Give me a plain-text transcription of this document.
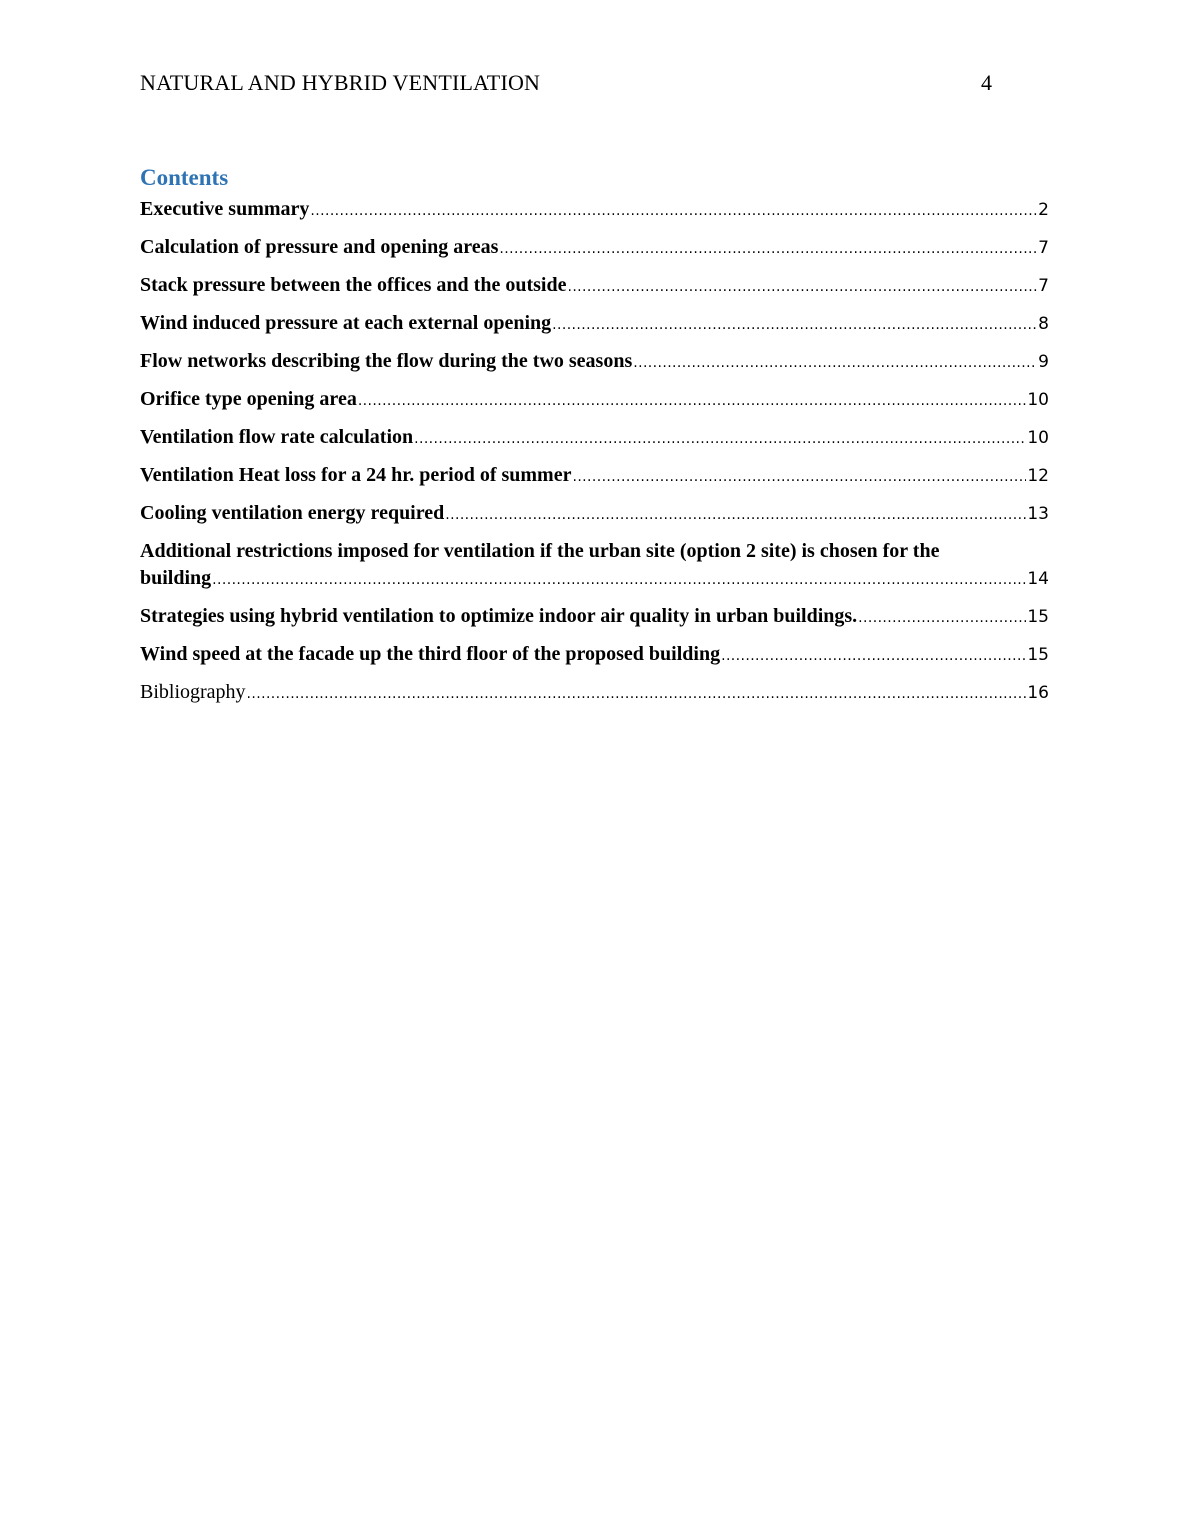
NATURAL AND HYBRID VENTILATION	4
Contents
Executive summary .....	2
Calculation of pressure and opening areas .....	7
Stack pressure between the offices and the outside .....	7
Wind induced pressure at each external opening .....	8
Flow networks describing the flow during the two seasons .....	9
Orifice type opening area .....	10
Ventilation flow rate calculation .....	10
Ventilation Heat loss for a 24 hr. period of summer .....	12
Cooling ventilation energy required .....	13
Additional restrictions imposed for ventilation if the urban site (option 2 site) is chosen for the
building .....	14
Strategies using hybrid ventilation to optimize indoor air quality in urban buildings. .....	15
Wind speed at the facade up the third floor of the proposed building .....	15
Bibliography .....	16
